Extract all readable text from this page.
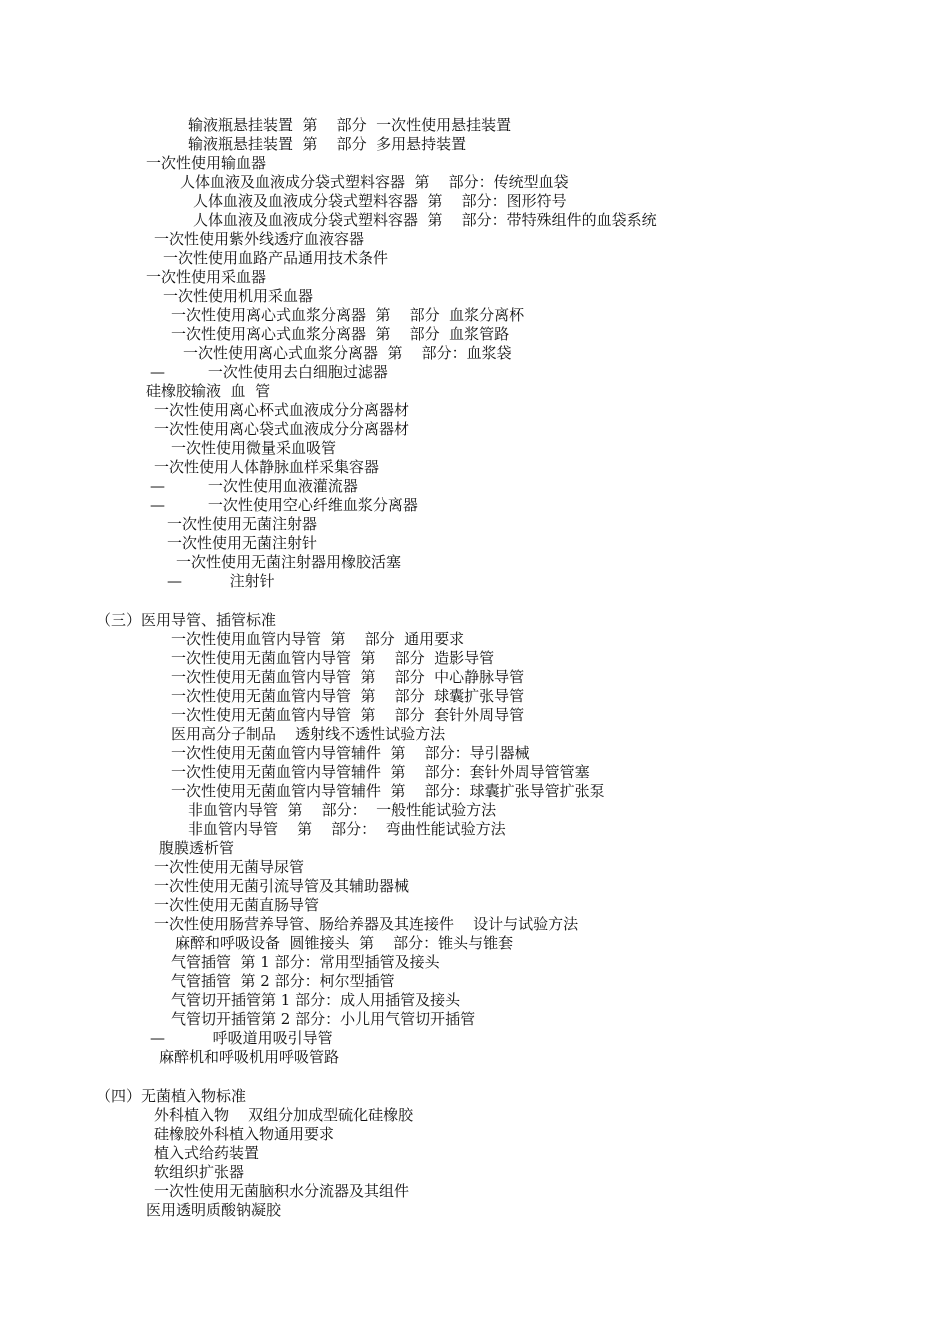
输液瓶悬挂装置  第    部分  一次性使用悬挂装置
输液瓶悬挂装置  第    部分  多用悬持装置
一次性使用输血器
人体血液及血液成分袋式塑料容器  第    部分：传统型血袋
人体血液及血液成分袋式塑料容器  第    部分：图形符号
人体血液及血液成分袋式塑料容器  第    部分：带特殊组件的血袋系统
一次性使用紫外线透疗血液容器
一次性使用血路产品通用技术条件
一次性使用采血器
一次性使用机用采血器
一次性使用离心式血浆分离器  第    部分  血浆分离杯
一次性使用离心式血浆分离器  第    部分  血浆管路
一次性使用离心式血浆分离器  第    部分：血浆袋
—         一次性使用去白细胞过滤器
硅橡胶输液  血  管
一次性使用离心杯式血液成分分离器材
一次性使用离心袋式血液成分分离器材
一次性使用微量采血吸管
一次性使用人体静脉血样采集容器
—         一次性使用血液灌流器
—         一次性使用空心纤维血浆分离器
一次性使用无菌注射器
一次性使用无菌注射针
一次性使用无菌注射器用橡胶活塞
—          注射针
（三）医用导管、插管标准
一次性使用血管内导管  第    部分  通用要求
一次性使用无菌血管内导管  第    部分  造影导管
一次性使用无菌血管内导管  第    部分  中心静脉导管
一次性使用无菌血管内导管  第    部分  球囊扩张导管
一次性使用无菌血管内导管  第    部分  套针外周导管
医用高分子制品    透射线不透性试验方法
一次性使用无菌血管内导管辅件  第    部分：导引器械
一次性使用无菌血管内导管辅件  第    部分：套针外周导管管塞
一次性使用无菌血管内导管辅件  第    部分：球囊扩张导管扩张泵
非血管内导管  第    部分：  一般性能试验方法
非血管内导管    第    部分：  弯曲性能试验方法
腹膜透析管
一次性使用无菌导尿管
一次性使用无菌引流导管及其辅助器械
一次性使用无菌直肠导管
一次性使用肠营养导管、肠给养器及其连接件    设计与试验方法
麻醉和呼吸设备  圆锥接头  第    部分：锥头与锥套
气管插管  第 1 部分：常用型插管及接头
气管插管  第 2 部分：柯尔型插管
气管切开插管第 1 部分：成人用插管及接头
气管切开插管第 2 部分：小儿用气管切开插管
—          呼吸道用吸引导管
麻醉机和呼吸机用呼吸管路
（四）无菌植入物标准
外科植入物    双组分加成型硫化硅橡胶
硅橡胶外科植入物通用要求
植入式给药装置
软组织扩张器
一次性使用无菌脑积水分流器及其组件
医用透明质酸钠凝胶
